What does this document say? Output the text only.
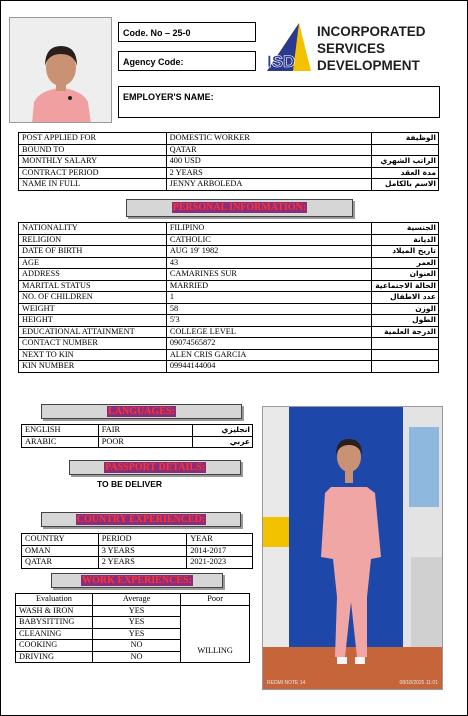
Code. No – 25-0
Agency Code:
EMPLOYER'S NAME:
ISD
INCORPORATED
SERVICES
DEVELOPMENT
POST APPLIED FOR	DOMESTIC WORKER	الوظيفة
BOUND TO	QATAR	
MONTHLY SALARY	400 USD	الراتب الشهري
CONTRACT PERIOD	2 YEARS	مدة العقد
NAME IN FULL	JENNY ARBOLEDA	الاسم بالكامل
PERSONAL INFORMATION:
NATIONALITY	FILIPINO	الجنسية
RELIGION	CATHOLIC	الديانة
DATE OF BIRTH	AUG 19' 1982	تاريخ الميلاد
AGE	43	العمر
ADDRESS	CAMARINES SUR	العنوان
MARITAL STATUS	MARRIED	الحالة الاجتماعية
NO. OF CHILDREN	1	عدد الاطفال
WEIGHT	58	الوزن
HEIGHT	5'3	الطول
EDUCATIONAL ATTAINMENT	COLLEGE LEVEL	الدرجة العلمية
CONTACT NUMBER	09074565872	
NEXT TO KIN	ALEN CRIS GARCIA	
KIN NUMBER	09944144004	
LANGUAGES:
ENGLISH	FAIR	انجليزي
ARABIC	POOR	عربي
PASSPORT DETAILS:
TO BE DELIVER
COUNTRY EXPERIENCED:
COUNTRY	PERIOD	YEAR
OMAN	3 YEARS	2014-2017
QATAR	2 YEARS	2021-2023
WORK EXPERIENCES:
Evaluation	Average	Poor
WASH & IRON	YES	WILLING
BABYSITTING	YES	
CLEANING	YES	
COOKING	NO	
DRIVING	NO	
REDMI NOTE 14	08/18/2025 11:01
